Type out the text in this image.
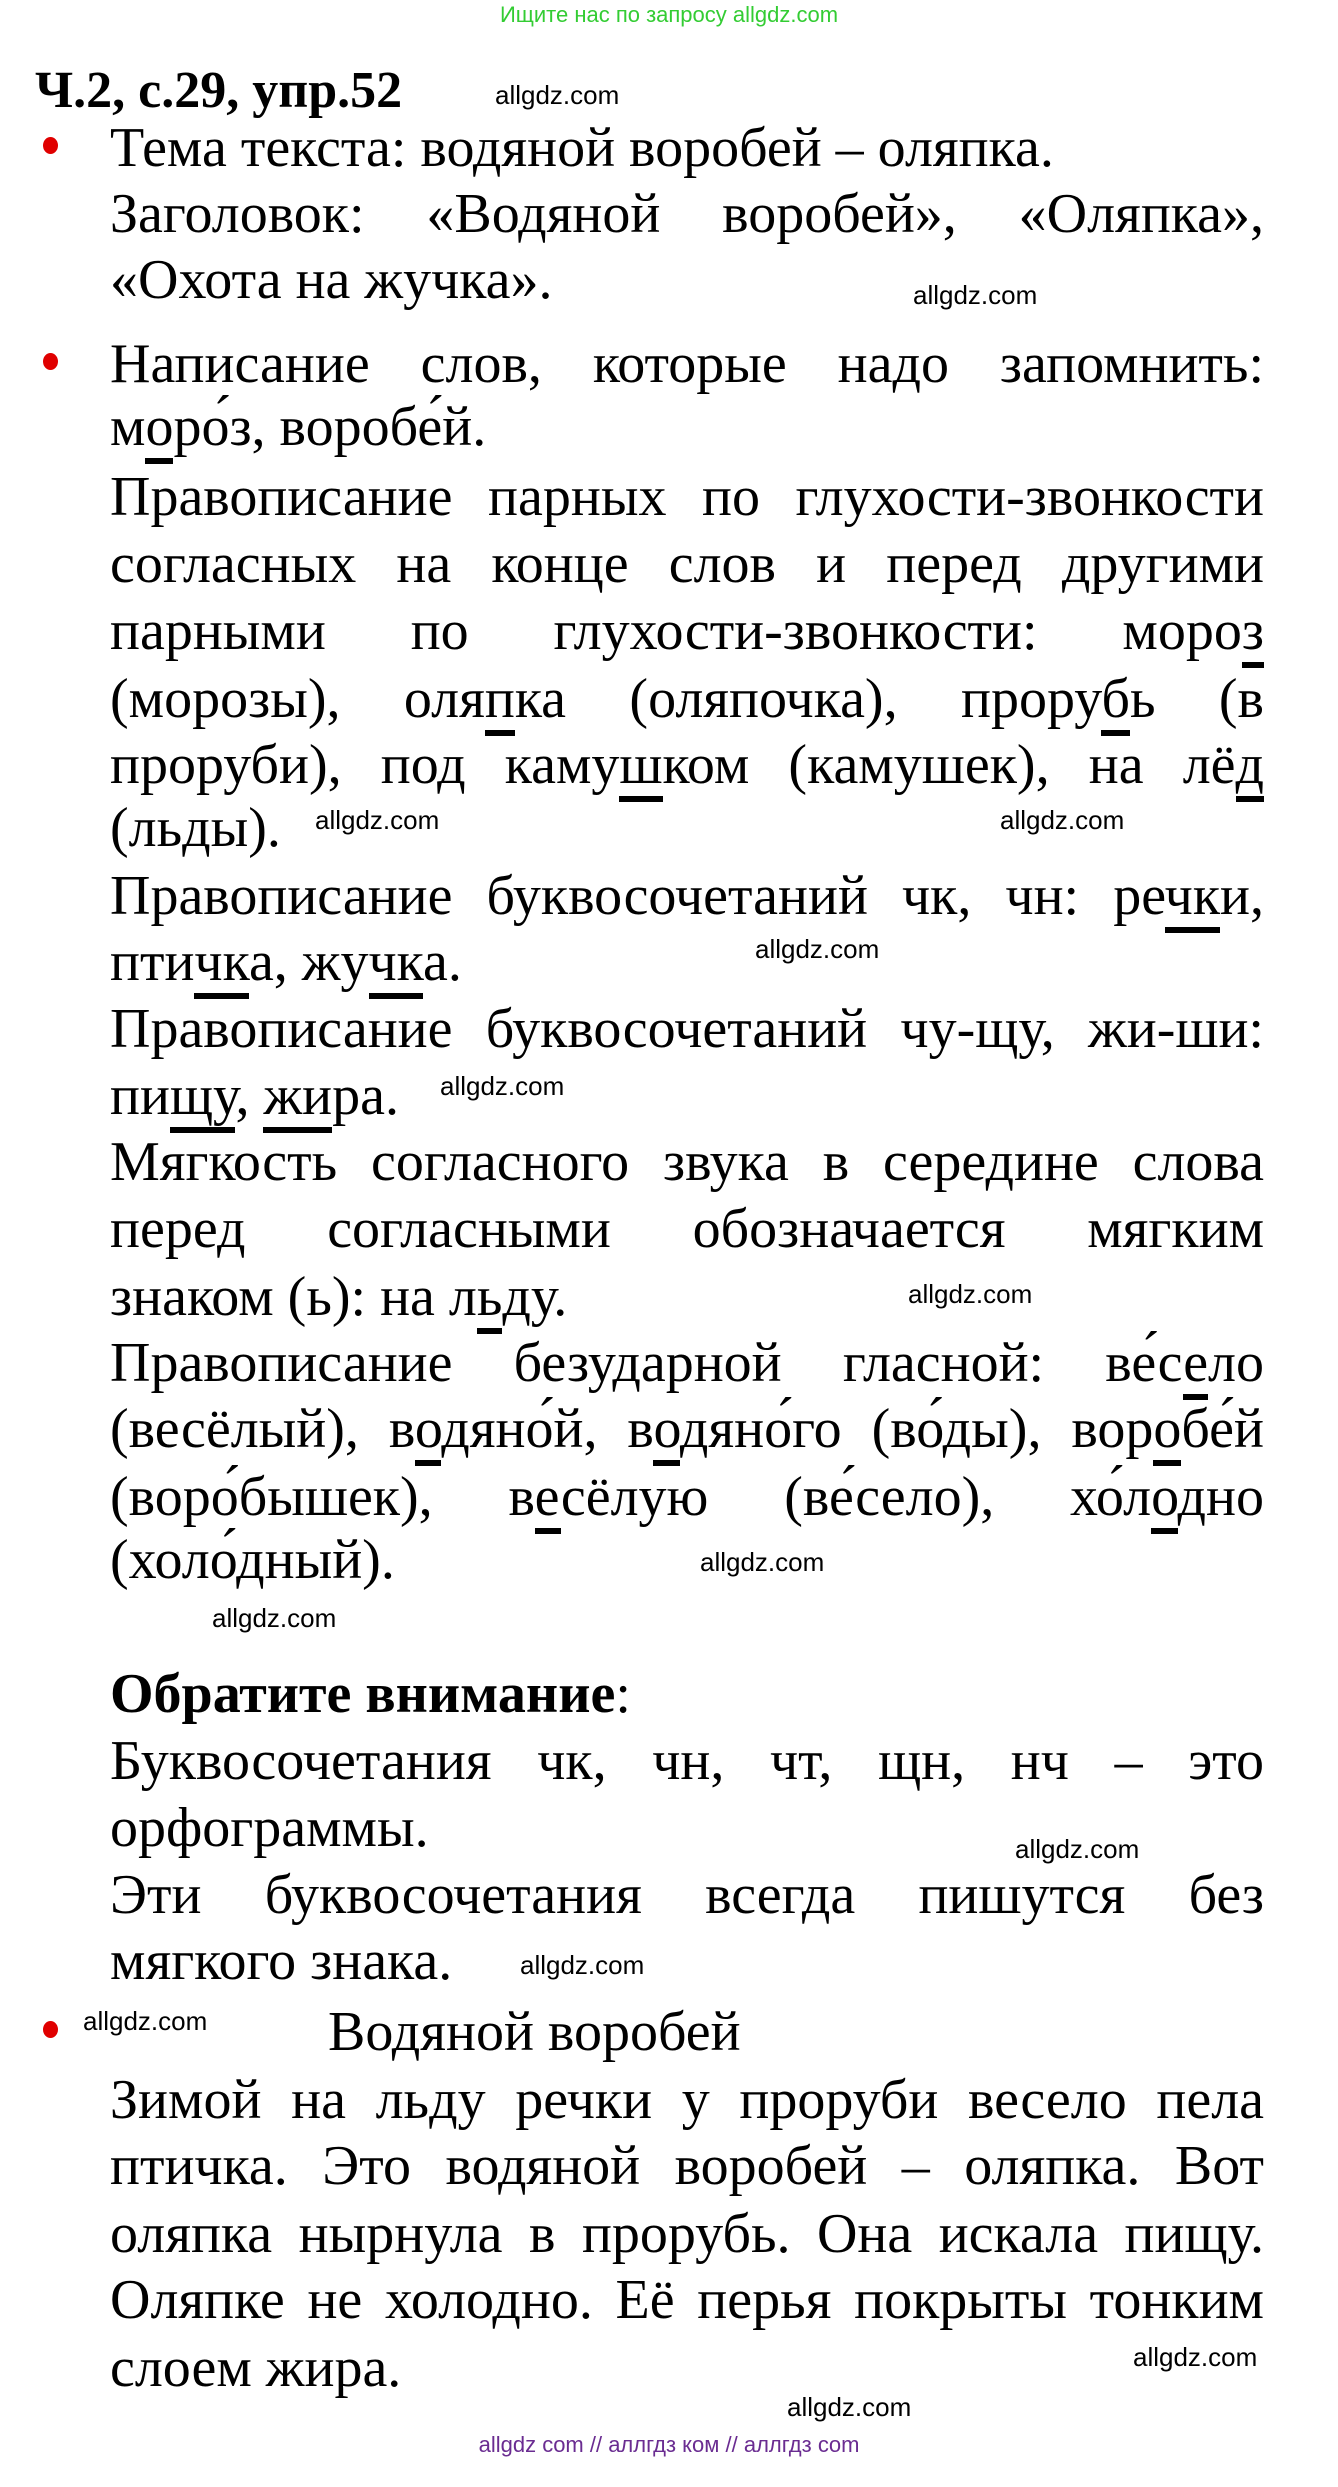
Ищите нас по запросу allgdz.com
Ч.2, с.29, упр.52
Тема текста: водяной воробей – оляпка.
Заголовок: «Водяной воробей», «Оляпка»,
«Охота на жучка».
Написание слов, которые надо запомнить:
моро́з, воробе́й.
Правописание парных по глухости-звонкости
согласных на конце слов и перед другими
парными по глухости-звонкости: мороз
(морозы), оляпка (оляпочка), прорубь (в
проруби), под камушком (камушек), на лёд
(льды).
Правописание буквосочетаний чк, чн: речки,
птичка, жучка.
Правописание буквосочетаний чу-щу, жи-ши:
пищу, жира.
Мягкость согласного звука в середине слова
перед согласными обозначается мягким
знаком (ь): на льду.
Правописание безударной гласной: ве́село
(весёлый), водяно́й, водяно́го (во́ды), воробе́й
(воро́бышек), весёлую (ве́село), хо́лодно
(холо́дный).
Обратите внимание:
Буквосочетания чк, чн, чт, щн, нч – это
орфограммы.
Эти буквосочетания всегда пишутся без
мягкого знака.
Водяной воробей
Зимой на льду речки у проруби весело пела
птичка. Это водяной воробей – оляпка. Вот
оляпка нырнула в прорубь. Она искала пищу.
Оляпке не холодно. Её перья покрыты тонким
слоем жира.
allgdz.com
allgdz.com
allgdz.com
allgdz.com
allgdz.com
allgdz.com
allgdz.com
allgdz.com
allgdz.com
allgdz.com
allgdz.com
allgdz.com
allgdz.com
allgdz.com
allgdz com // аллгдз ком // аллгдз com
